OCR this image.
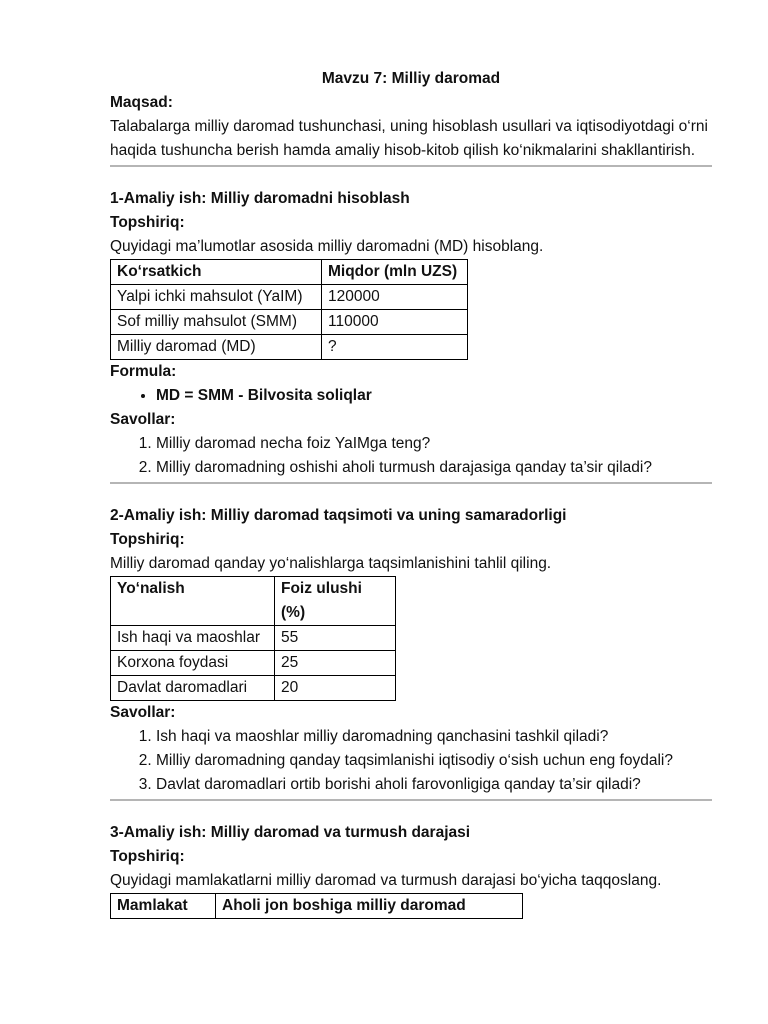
Mavzu 7: Milliy daromad

Maqsad:

Talabalarga milliy daromad tushunchasi, uning hisoblash usullari va iqtisodiyotdagi o‘rni haqida tushuncha berish hamda amaliy hisob-kitob qilish ko‘nikmalarini shakllantirish.

1-Amaliy ish: Milliy daromadni hisoblash

Topshiriq:

Quyidagi ma’lumotlar asosida milliy daromadni (MD) hisoblang.

Ko‘rsatkich	Miqdor (mln UZS)
Yalpi ichki mahsulot (YaIM)	120000
Sof milliy mahsulot (SMM)	110000
Milliy daromad (MD)	?

Formula:

• MD = SMM - Bilvosita soliqlar

Savollar:

1. Milliy daromad necha foiz YaIMga teng?
2. Milliy daromadning oshishi aholi turmush darajasiga qanday ta’sir qiladi?

2-Amaliy ish: Milliy daromad taqsimoti va uning samaradorligi

Topshiriq:

Milliy daromad qanday yo‘nalishlarga taqsimlanishini tahlil qiling.

Yo‘nalish	Foiz ulushi (%)
Ish haqi va maoshlar	55
Korxona foydasi	25
Davlat daromadlari	20

Savollar:

1. Ish haqi va maoshlar milliy daromadning qanchasini tashkil qiladi?
2. Milliy daromadning qanday taqsimlanishi iqtisodiy o‘sish uchun eng foydali?
3. Davlat daromadlari ortib borishi aholi farovonligiga qanday ta’sir qiladi?

3-Amaliy ish: Milliy daromad va turmush darajasi

Topshiriq:

Quyidagi mamlakatlarni milliy daromad va turmush darajasi bo‘yicha taqqoslang.

Mamlakat	Aholi jon boshiga milliy daromad
